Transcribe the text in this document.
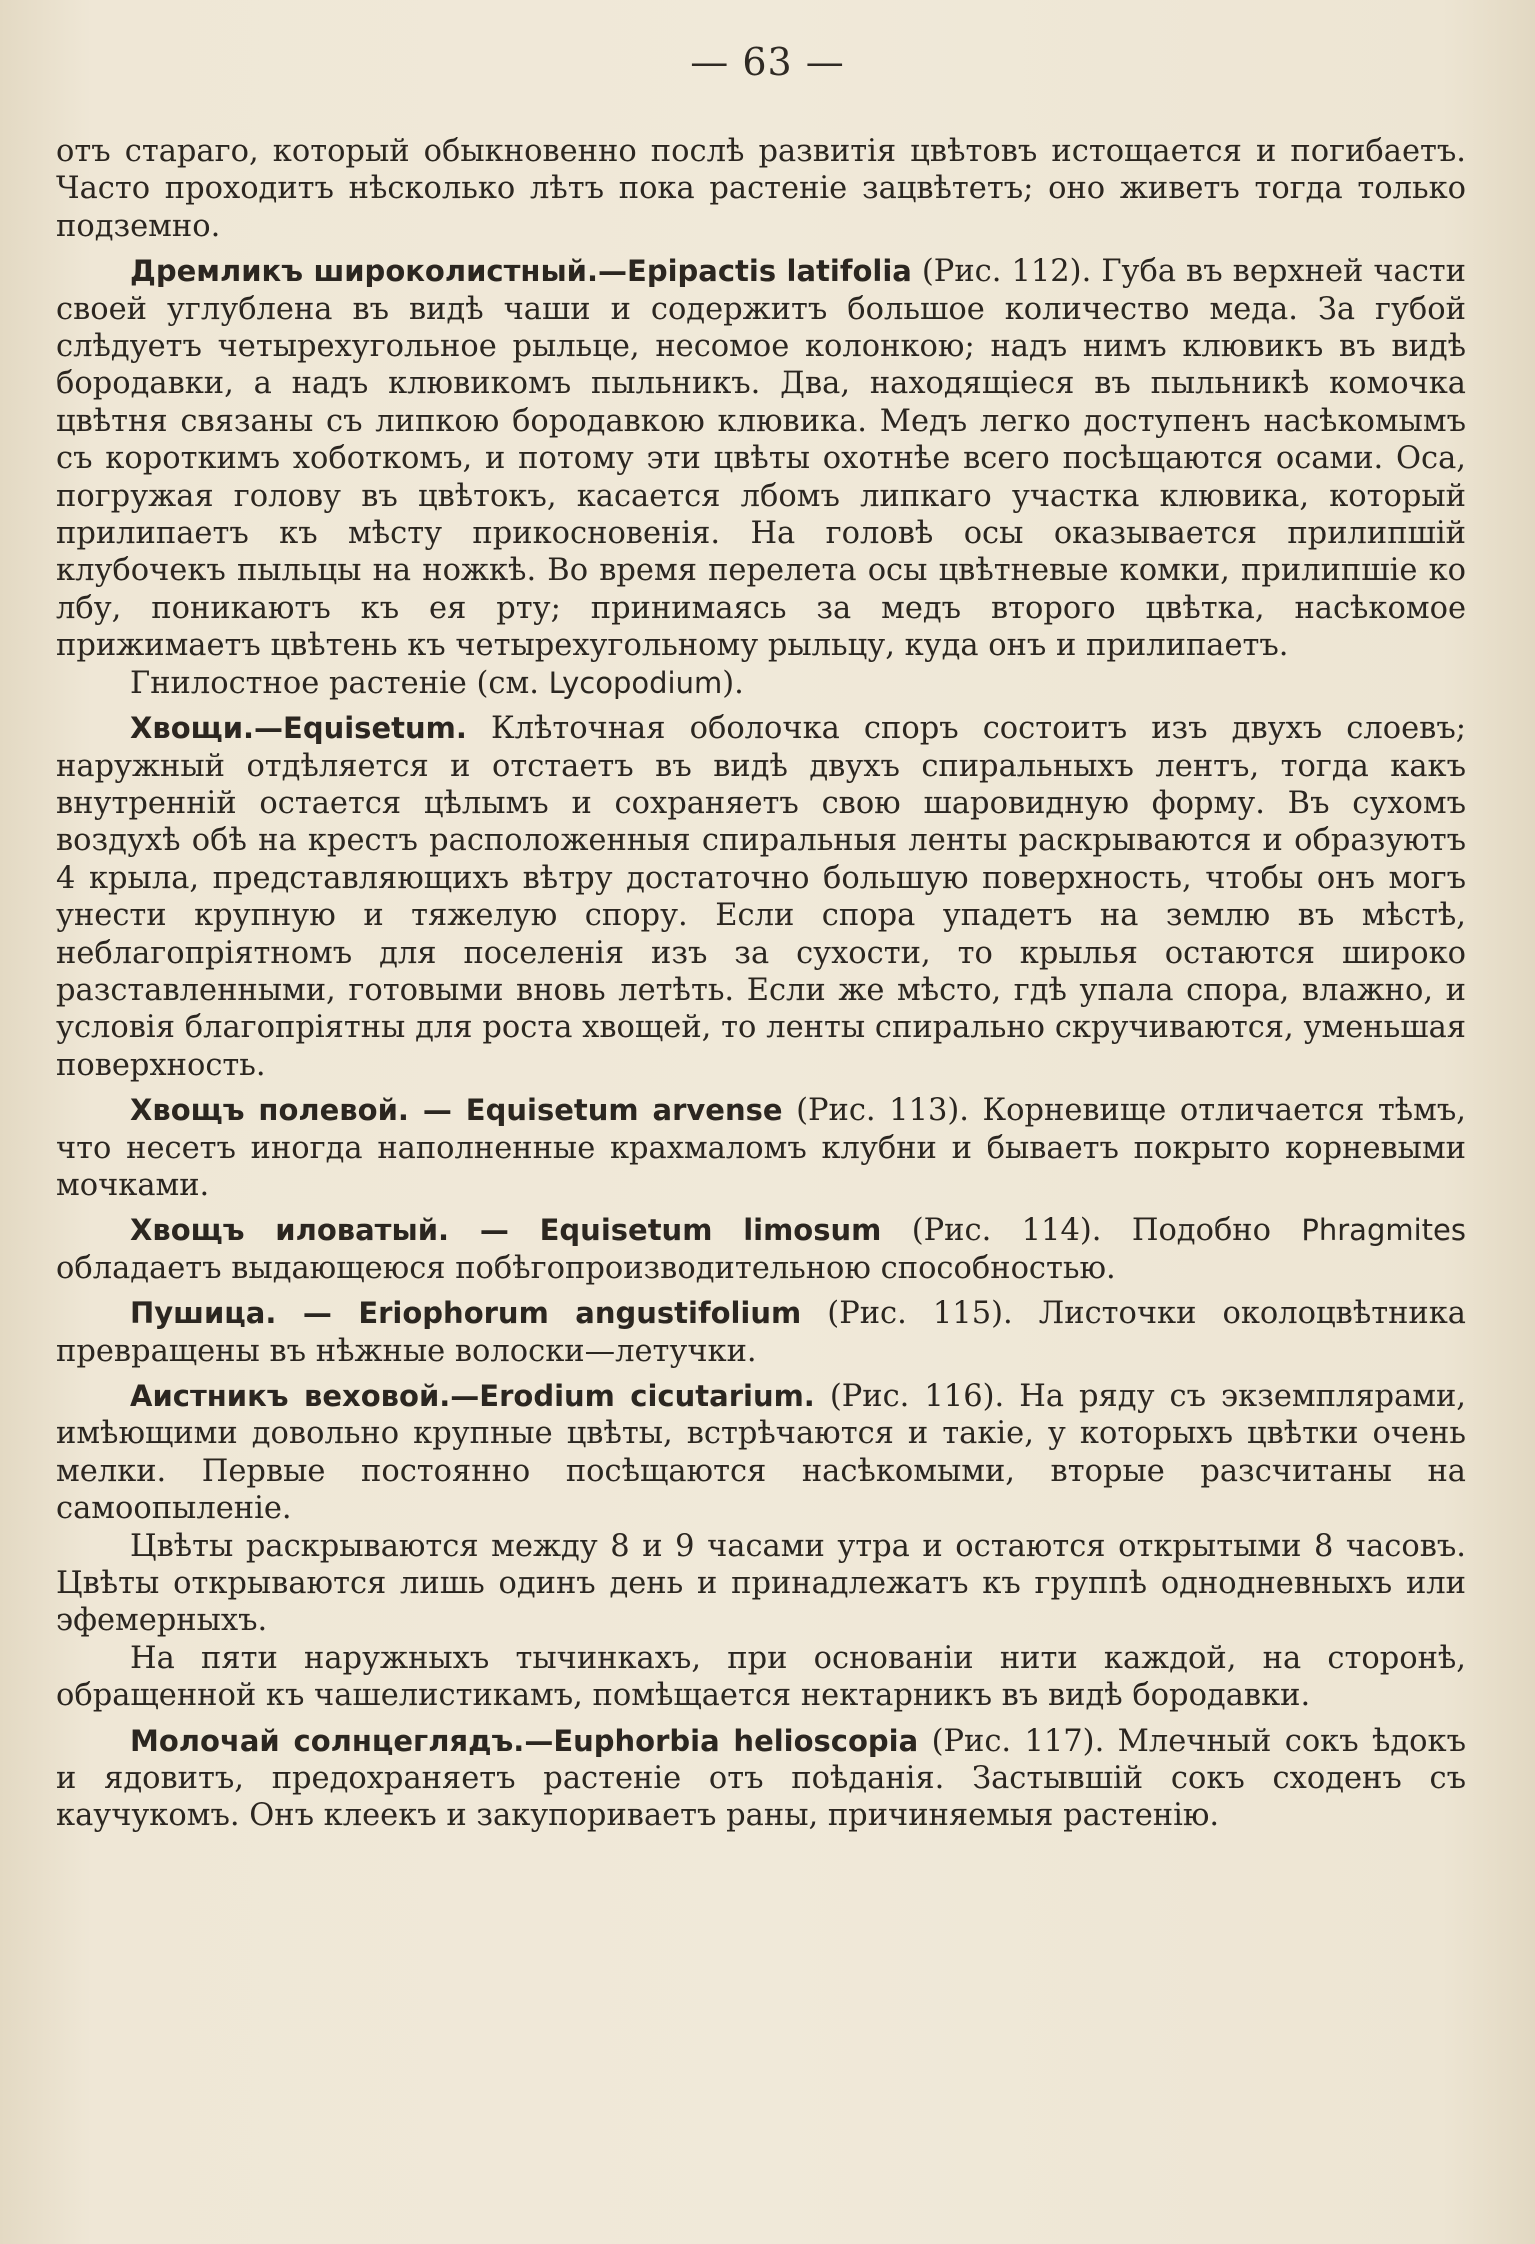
— 63 —

отъ стараго, который обыкновенно послѣ развитія цвѣтовъ истощается и погибаетъ. Часто проходитъ нѣсколько лѣтъ пока растеніе зацвѣтетъ; оно живетъ тогда только подземно.

Дремликъ широколистный.—Epipactis latifolia (Рис. 112). Губа въ верхней части своей углублена въ видѣ чаши и содержитъ большое количество меда. За губой слѣдуетъ четырехугольное рыльце, несомое колонкою; надъ нимъ клювикъ въ видѣ бородавки, а надъ клювикомъ пыльникъ. Два, находящіеся въ пыльникѣ комочка цвѣтня связаны съ липкою бородавкою клювика. Медъ легко доступенъ насѣкомымъ съ короткимъ хоботкомъ, и потому эти цвѣты охотнѣе всего посѣщаются осами. Оса, погружая голову въ цвѣтокъ, касается лбомъ липкаго участка клювика, который прилипаетъ къ мѣсту прикосновенія. На головѣ осы оказывается прилипшій клубочекъ пыльцы на ножкѣ. Во время перелета осы цвѣтневые комки, прилипшіе ко лбу, поникаютъ къ ея рту; принимаясь за медъ второго цвѣтка, насѣкомое прижимаетъ цвѣтень къ четырехугольному рыльцу, куда онъ и прилипаетъ.

Гнилостное растеніе (см. Lycopodium).

Хвощи.—Equisetum. Клѣточная оболочка споръ состоитъ изъ двухъ слоевъ; наружный отдѣляется и отстаетъ въ видѣ двухъ спиральныхъ лентъ, тогда какъ внутренній остается цѣлымъ и сохраняетъ свою шаровидную форму. Въ сухомъ воздухѣ обѣ на крестъ расположенныя спиральныя ленты раскрываются и образуютъ 4 крыла, представляющихъ вѣтру достаточно большую поверхность, чтобы онъ могъ унести крупную и тяжелую спору. Если спора упадетъ на землю въ мѣстѣ, неблагопріятномъ для поселенія изъ за сухости, то крылья остаются широко разставленными, готовыми вновь летѣть. Если же мѣсто, гдѣ упала спора, влажно, и условія благопріятны для роста хвощей, то ленты спирально скручиваются, уменьшая поверхность.

Хвощъ полевой. — Equisetum arvense (Рис. 113). Корневище отличается тѣмъ, что несетъ иногда наполненные крахмаломъ клубни и бываетъ покрыто корневыми мочками.

Хвощъ иловатый. — Equisetum limosum (Рис. 114). Подобно Phragmites обладаетъ выдающеюся побѣгопроизводительною способностью.

Пушица. — Eriophorum angustifolium (Рис. 115). Листочки околоцвѣтника превращены въ нѣжные волоски—летучки.

Аистникъ веховой.—Erodium cicutarium. (Рис. 116). На ряду съ экземплярами, имѣющими довольно крупные цвѣты, встрѣчаются и такіе, у которыхъ цвѣтки очень мелки. Первые постоянно посѣщаются насѣкомыми, вторые разсчитаны на самоопыленіе.

Цвѣты раскрываются между 8 и 9 часами утра и остаются открытыми 8 часовъ. Цвѣты открываются лишь одинъ день и принадлежатъ къ группѣ однодневныхъ или эфемерныхъ.

На пяти наружныхъ тычинкахъ, при основаніи нити каждой, на сторонѣ, обращенной къ чашелистикамъ, помѣщается нектарникъ въ видѣ бородавки.

Молочай солнцеглядъ.—Euphorbia helioscopia (Рис. 117). Млечный сокъ ѣдокъ и ядовитъ, предохраняетъ растеніе отъ поѣданія. Застывшій сокъ сходенъ съ каучукомъ. Онъ клеекъ и закупориваетъ раны, причиняемыя растенію.
